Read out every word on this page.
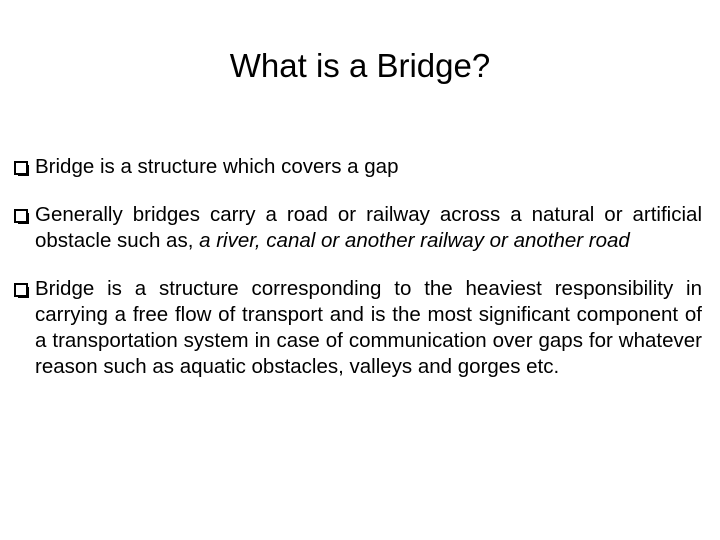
What is a Bridge?
Bridge is a structure which covers a gap
Generally bridges carry a road or railway across a natural or artificial obstacle such as, a river, canal or another railway or another road
Bridge is a structure corresponding to the heaviest responsibility in carrying a free flow of transport and is the most significant component of a transportation system in case of communication over gaps for whatever reason such as aquatic obstacles, valleys and gorges etc.
